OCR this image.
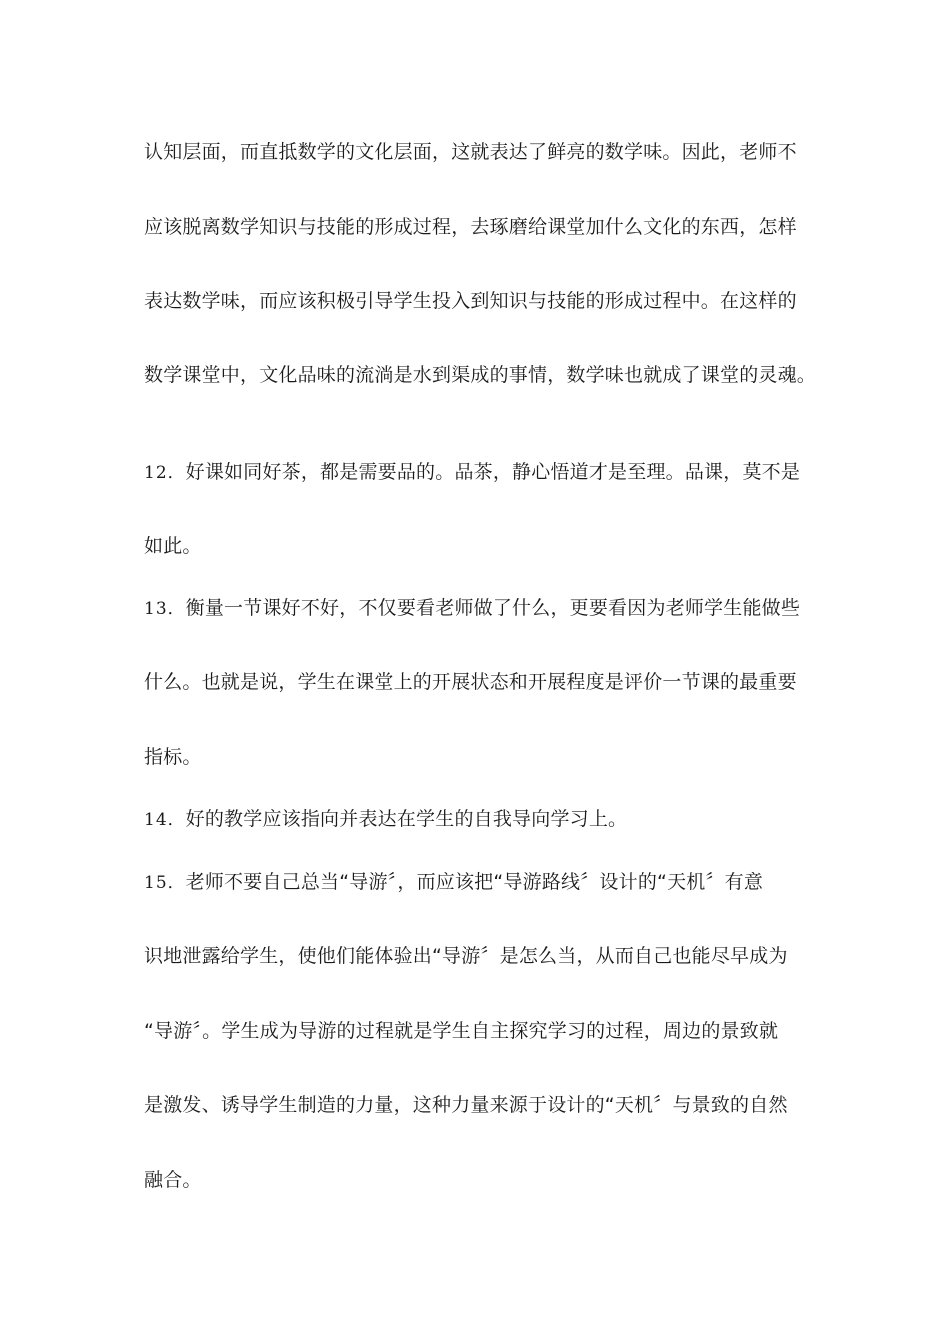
认知层面，而直抵数学的文化层面，这就表达了鲜亮的数学味。因此，老师不
应该脱离数学知识与技能的形成过程，去琢磨给课堂加什么文化的东西，怎样
表达数学味，而应该积极引导学生投入到知识与技能的形成过程中。在这样的
数学课堂中，文化品味的流淌是水到渠成的事情，数学味也就成了课堂的灵魂。
12．好课如同好茶，都是需要品的。品茶，静心悟道才是至理。品课，莫不是
如此。
13．衡量一节课好不好，不仅要看老师做了什么，更要看因为老师学生能做些
什么。也就是说，学生在课堂上的开展状态和开展程度是评价一节课的最重要
指标。
14．好的教学应该指向并表达在学生的自我导向学习上。
15．老师不要自己总当“导游〞，而应该把“导游路线〞设计的“天机〞有意
识地泄露给学生，使他们能体验出“导游〞是怎么当，从而自己也能尽早成为
“导游〞。学生成为导游的过程就是学生自主探究学习的过程，周边的景致就
是激发、诱导学生制造的力量，这种力量来源于设计的“天机〞与景致的自然
融合。
